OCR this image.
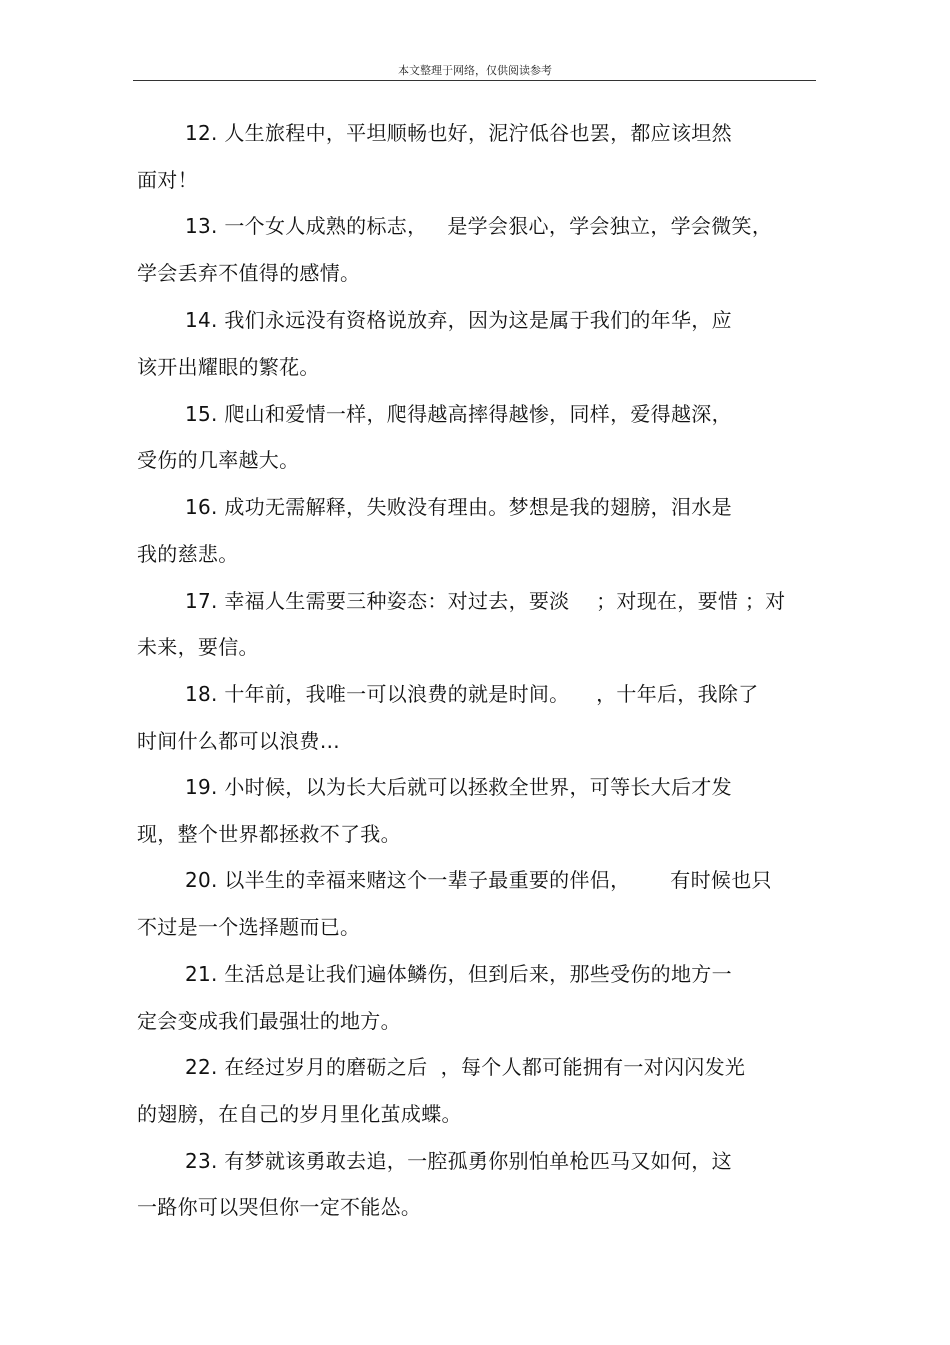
本文整理于网络，仅供阅读参考
12. 人生旅程中，平坦顺畅也好，泥泞低谷也罢，都应该坦然
面对！
13. 一个女人成熟的标志，   是学会狠心，学会独立，学会微笑，
学会丢弃不值得的感情。
14. 我们永远没有资格说放弃，因为这是属于我们的年华，应
该开出耀眼的繁花。
15. 爬山和爱情一样，爬得越高摔得越惨，同样，爱得越深，
受伤的几率越大。
16. 成功无需解释，失败没有理由。梦想是我的翅膀，泪水是
我的慈悲。
17. 幸福人生需要三种姿态：对过去，要淡    ；对现在，要惜 ；对
未来，要信。
18. 十年前，我唯一可以浪费的就是时间。    ，十年后，我除了
时间什么都可以浪费…
19. 小时候，以为长大后就可以拯救全世界，可等长大后才发
现，整个世界都拯救不了我。
20. 以半生的幸福来赌这个一辈子最重要的伴侣，      有时候也只
不过是一个选择题而已。
21. 生活总是让我们遍体鳞伤，但到后来，那些受伤的地方一
定会变成我们最强壮的地方。
22. 在经过岁月的磨砺之后  ，每个人都可能拥有一对闪闪发光
的翅膀，在自己的岁月里化茧成蝶。
23. 有梦就该勇敢去追，一腔孤勇你别怕单枪匹马又如何，这
一路你可以哭但你一定不能怂。
